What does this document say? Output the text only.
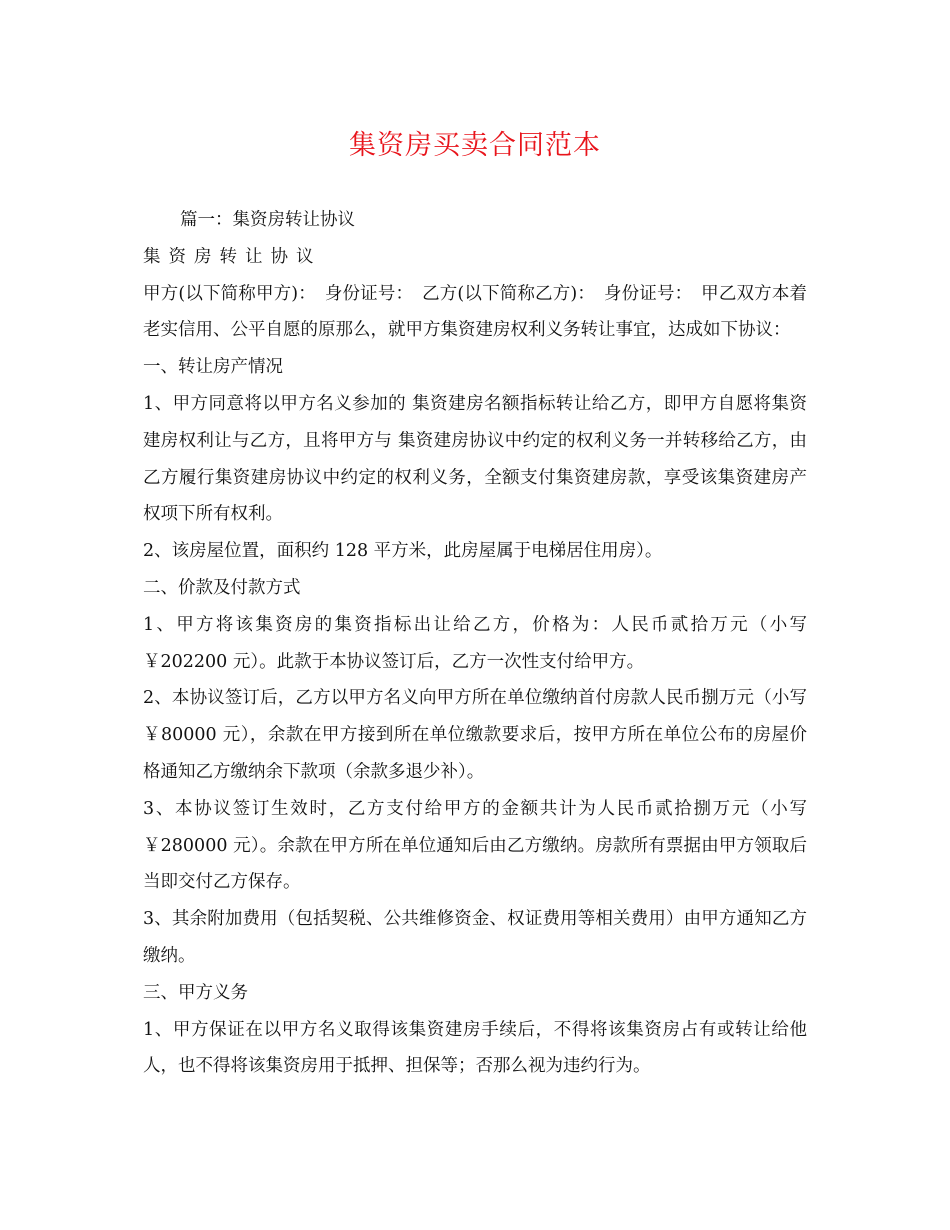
集资房买卖合同范本

篇一：集资房转让协议

集资房转让协议

甲方(以下简称甲方)：　身份证号：　乙方(以下简称乙方)：　身份证号：　甲乙双方本着老实信用、公平自愿的原那么，就甲方集资建房权利义务转让事宜，达成如下协议：

一、转让房产情况

1、甲方同意将以甲方名义参加的 集资建房名额指标转让给乙方，即甲方自愿将集资建房权利让与乙方，且将甲方与 集资建房协议中约定的权利义务一并转移给乙方，由乙方履行集资建房协议中约定的权利义务，全额支付集资建房款，享受该集资建房产权项下所有权利。

2、该房屋位置，面积约 128 平方米，此房屋属于电梯居住用房）。

二、价款及付款方式

1、甲方将该集资房的集资指标出让给乙方，价格为：人民币贰拾万元（小写￥202200 元）。此款于本协议签订后，乙方一次性支付给甲方。

2、本协议签订后，乙方以甲方名义向甲方所在单位缴纳首付房款人民币捌万元（小写￥80000 元），余款在甲方接到所在单位缴款要求后，按甲方所在单位公布的房屋价格通知乙方缴纳余下款项（余款多退少补）。

3、本协议签订生效时，乙方支付给甲方的金额共计为人民币贰拾捌万元（小写￥280000 元）。余款在甲方所在单位通知后由乙方缴纳。房款所有票据由甲方领取后当即交付乙方保存。

3、其余附加费用（包括契税、公共维修资金、权证费用等相关费用）由甲方通知乙方缴纳。

三、甲方义务

1、甲方保证在以甲方名义取得该集资建房手续后，不得将该集资房占有或转让给他人，也不得将该集资房用于抵押、担保等；否那么视为违约行为。
